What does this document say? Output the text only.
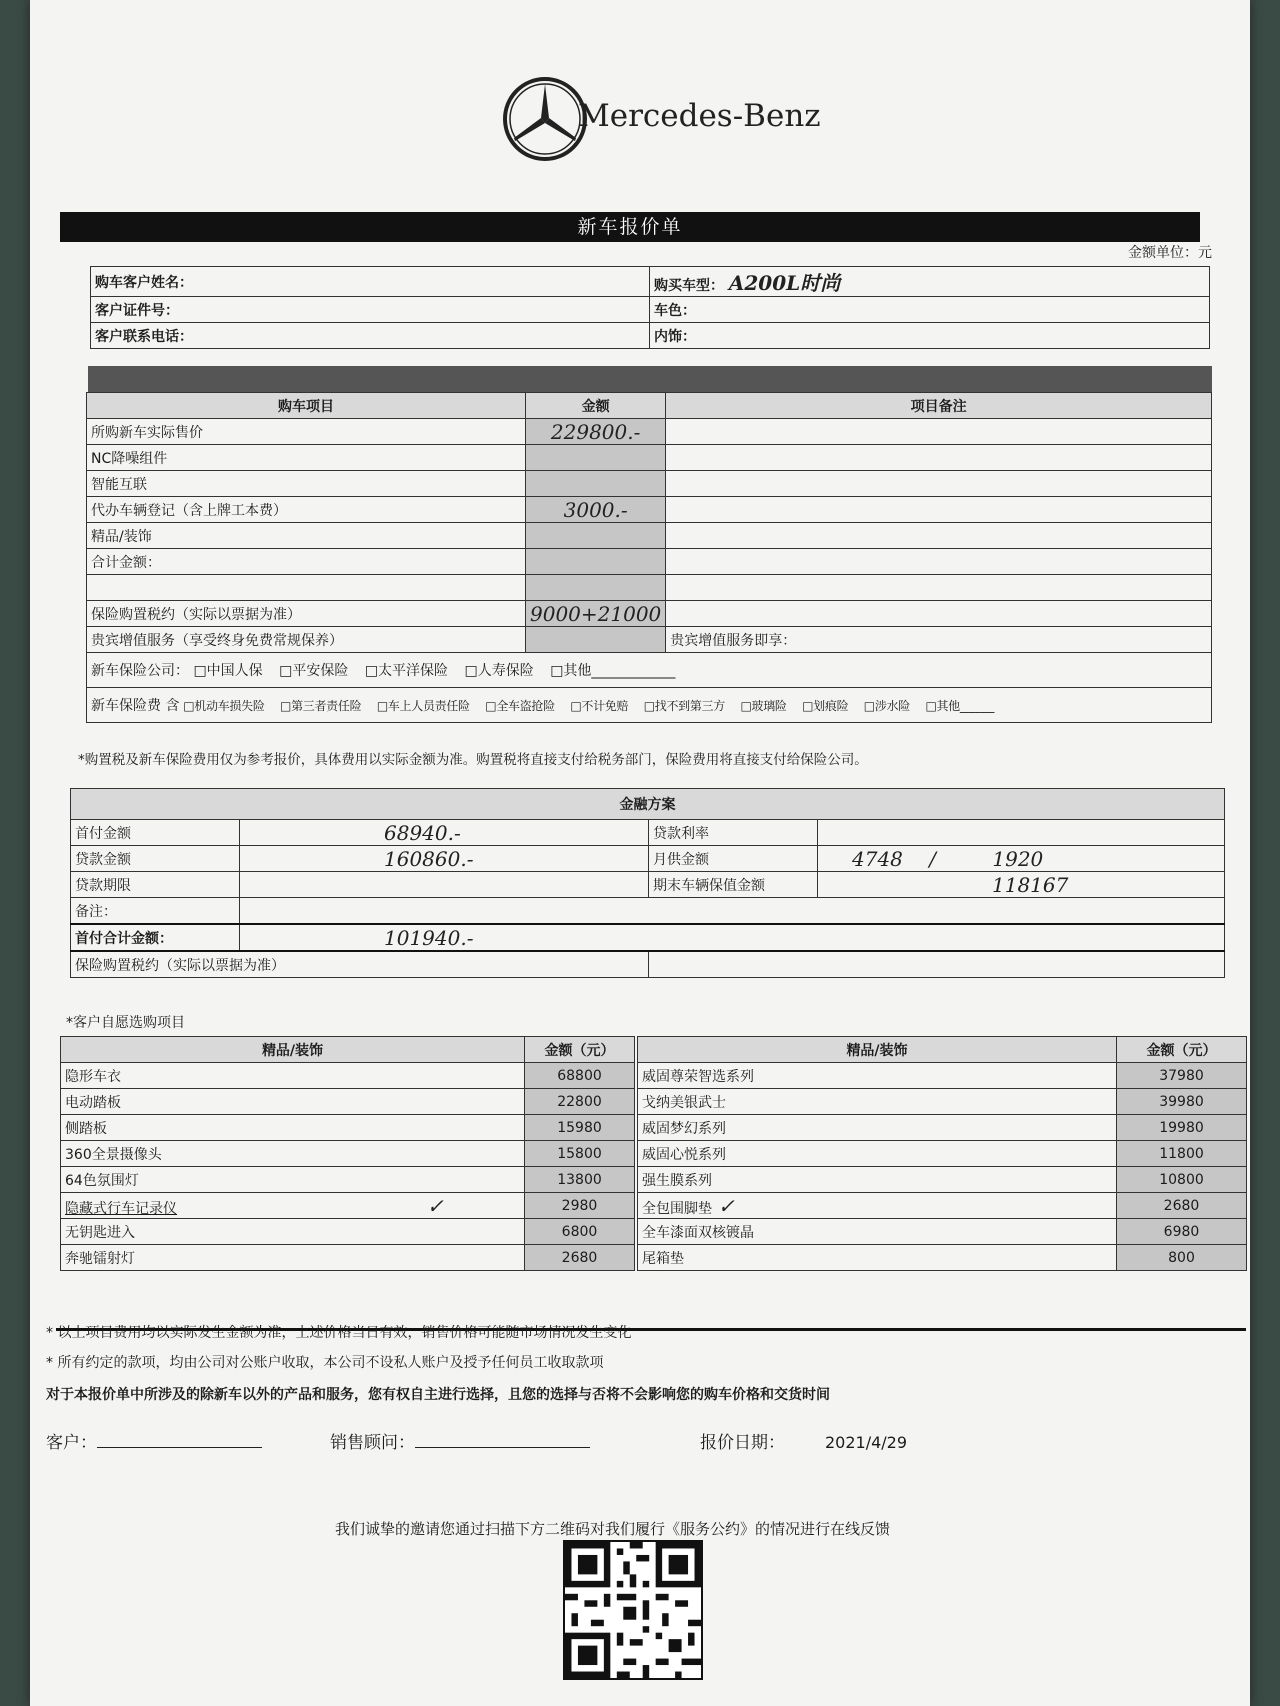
Mercedes-Benz
新车报价单
金额单位：元
购车客户姓名：	购买车型： A200L时尚
客户证件号：	车色：
客户联系电话：	内饰：
购车项目	金额	项目备注
所购新车实际售价	229800.-	
NC降噪组件		
智能互联		
代办车辆登记（含上牌工本费）	3000.-	
精品/装饰		
合计金额：		

保险购置税约（实际以票据为准）	9000+21000	
贵宾增值服务（享受终身免费常规保养）		贵宾增值服务即享：
新车保险公司： □中国人保 □平安保险 □太平洋保险 □人寿保险 □其他____________		
新车保险费 含 □机动车损失险 □第三者责任险 □车上人员责任险 □全车盗抢险 □不计免赔 □找不到第三方 □玻璃险 □划痕险 □涉水险 □其他______		
*购置税及新车保险费用仅为参考报价，具体费用以实际金额为准。购置税将直接支付给税务部门，保险费用将直接支付给保险公司。
金融方案			
首付金额	68940.-	贷款利率	
贷款金额	160860.-	月供金额	4748 / 1920
贷款期限		期末车辆保值金额	118167
备注：			
首付合计金额：	101940.-		
保险购置税约（实际以票据为准）			
*客户自愿选购项目
精品/装饰	金额（元）
隐形车衣	68800
电动踏板	22800
侧踏板	15980
360全景摄像头	15800
64色氛围灯	13800
隐藏式行车记录仪 ✓	2980
无钥匙进入	6800
奔驰镭射灯	2680
精品/装饰	金额（元）
威固尊荣智选系列	37980
戈纳美银武士	39980
威固梦幻系列	19980
威固心悦系列	11800
强生膜系列	10800
全包围脚垫 ✓	2680
全车漆面双核镀晶	6980
尾箱垫	800
* 以上项目费用均以实际发生金额为准，上述价格当日有效，销售价格可能随市场情况发生变化
* 所有约定的款项，均由公司对公账户收取，本公司不设私人账户及授予任何员工收取款项
对于本报价单中所涉及的除新车以外的产品和服务，您有权自主进行选择，且您的选择与否将不会影响您的购车价格和交货时间
客户：	销售顾问：	报价日期：	2021/4/29
我们诚挚的邀请您通过扫描下方二维码对我们履行《服务公约》的情况进行在线反馈
